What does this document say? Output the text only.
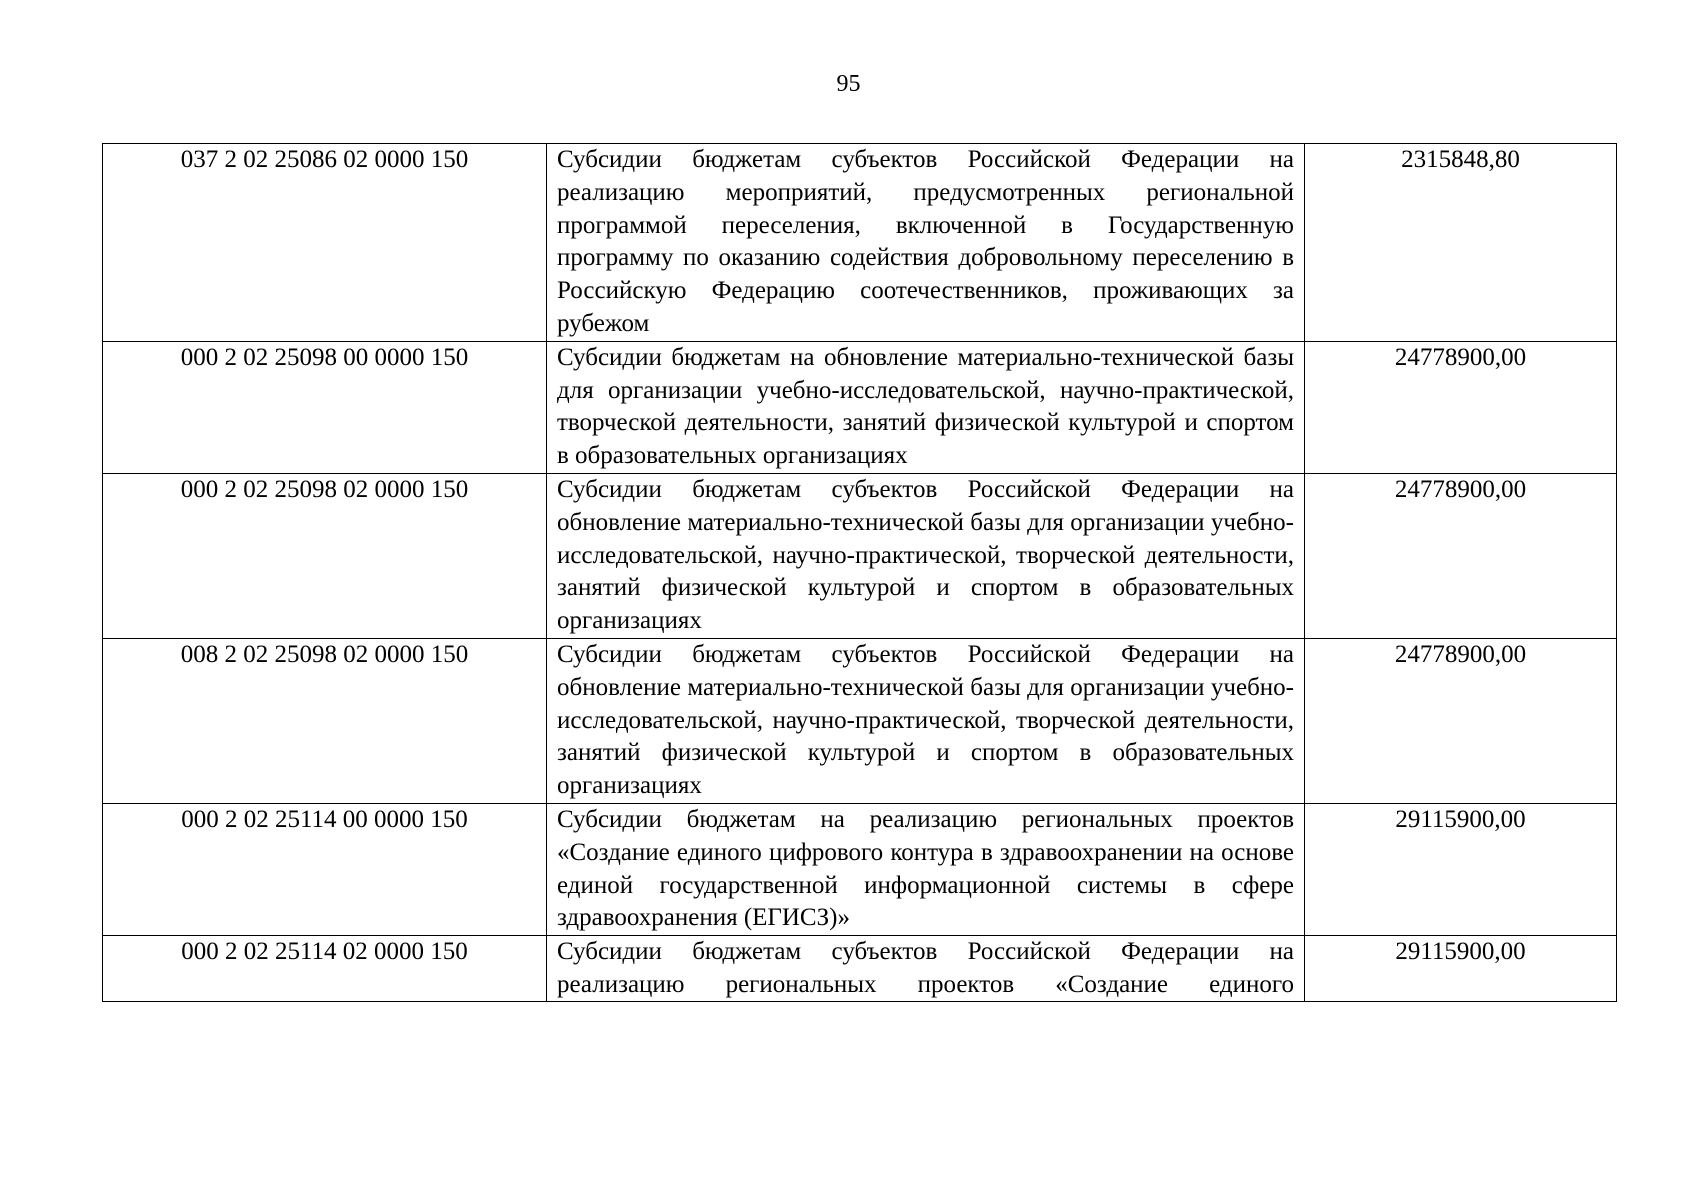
95
037 2 02 25086 02 0000 150	Субсидии бюджетам субъектов Российской Федерации на реализацию мероприятий, предусмотренных региональной программой переселения, включенной в Государственную программу по оказанию содействия добровольному переселению в Российскую Федерацию соотечественников, проживающих за рубежом	2315848,80
000 2 02 25098 00 0000 150	Субсидии бюджетам на обновление материально-технической базы для организации учебно-исследовательской, научно-практической, творческой деятельности, занятий физической культурой и спортом в образовательных организациях	24778900,00
000 2 02 25098 02 0000 150	Субсидии бюджетам субъектов Российской Федерации на обновление материально-технической базы для организации учебно-исследовательской, научно-практической, творческой деятельности, занятий физической культурой и спортом в образовательных организациях	24778900,00
008 2 02 25098 02 0000 150	Субсидии бюджетам субъектов Российской Федерации на обновление материально-технической базы для организации учебно-исследовательской, научно-практической, творческой деятельности, занятий физической культурой и спортом в образовательных организациях	24778900,00
000 2 02 25114 00 0000 150	Субсидии бюджетам на реализацию региональных проектов «Создание единого цифрового контура в здравоохранении на основе единой государственной информационной системы в сфере здравоохранения (ЕГИСЗ)»	29115900,00
000 2 02 25114 02 0000 150	Субсидии бюджетам субъектов Российской Федерации на реализацию региональных проектов «Создание единого	29115900,00
